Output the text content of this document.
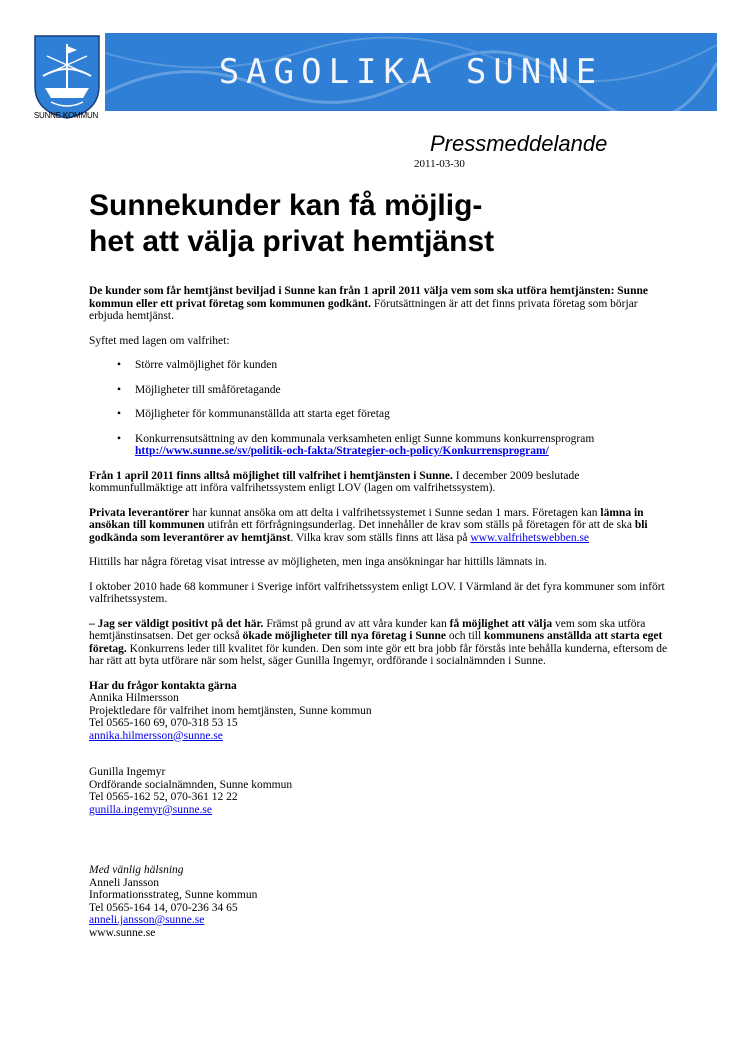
SUNNE KOMMUN
SAGOLIKA SUNNE
Pressmeddelande
2011-03-30
Sunnekunder kan få möjlig-
het att välja privat hemtjänst

De kunder som får hemtjänst beviljad i Sunne kan från 1 april 2011 välja vem som ska utföra hemtjänsten: Sunne kommun eller ett privat företag som kommunen godkänt. Förutsättningen är att det finns privata företag som börjar erbjuda hemtjänst.

Syftet med lagen om valfrihet:

• Större valmöjlighet för kunden
• Möjligheter till småföretagande
• Möjligheter för kommunanställda att starta eget företag
• Konkurrensutsättning av den kommunala verksamheten enligt Sunne kommuns konkurrensprogram
http://www.sunne.se/sv/politik-och-fakta/Strategier-och-policy/Konkurrensprogram/

Från 1 april 2011 finns alltså möjlighet till valfrihet i hemtjänsten i Sunne. I december 2009 beslutade kommunfullmäktige att införa valfrihetssystem enligt LOV (lagen om valfrihetssystem).

Privata leverantörer har kunnat ansöka om att delta i valfrihetssystemet i Sunne sedan 1 mars. Företagen kan lämna in ansökan till kommunen utifrån ett förfrågningsunderlag. Det innehåller de krav som ställs på företagen för att de ska bli godkända som leverantörer av hemtjänst. Vilka krav som ställs finns att läsa på www.valfrihetswebben.se

Hittills har några företag visat intresse av möjligheten, men inga ansökningar har hittills lämnats in.

I oktober 2010 hade 68 kommuner i Sverige infört valfrihetssystem enligt LOV. I Värmland är det fyra kommuner som infört valfrihetssystem.

– Jag ser väldigt positivt på det här. Främst på grund av att våra kunder kan få möjlighet att välja vem som ska utföra hemtjänstinsatsen. Det ger också ökade möjligheter till nya företag i Sunne och till kommunens anställda att starta eget företag. Konkurrens leder till kvalitet för kunden. Den som inte gör ett bra jobb får förstås inte behålla kunderna, eftersom de har rätt att byta utförare när som helst, säger Gunilla Ingemyr, ordförande i socialnämnden i Sunne.

Har du frågor kontakta gärna
Annika Hilmersson
Projektledare för valfrihet inom hemtjänsten, Sunne kommun
Tel 0565-160 69, 070-318 53 15
annika.hilmersson@sunne.se
Gunilla Ingemyr
Ordförande socialnämnden, Sunne kommun
Tel 0565-162 52, 070-361 12 22
gunilla.ingemyr@sunne.se
Med vänlig hälsning
Anneli Jansson
Informationsstrateg, Sunne kommun
Tel 0565-164 14, 070-236 34 65
anneli.jansson@sunne.se
www.sunne.se
